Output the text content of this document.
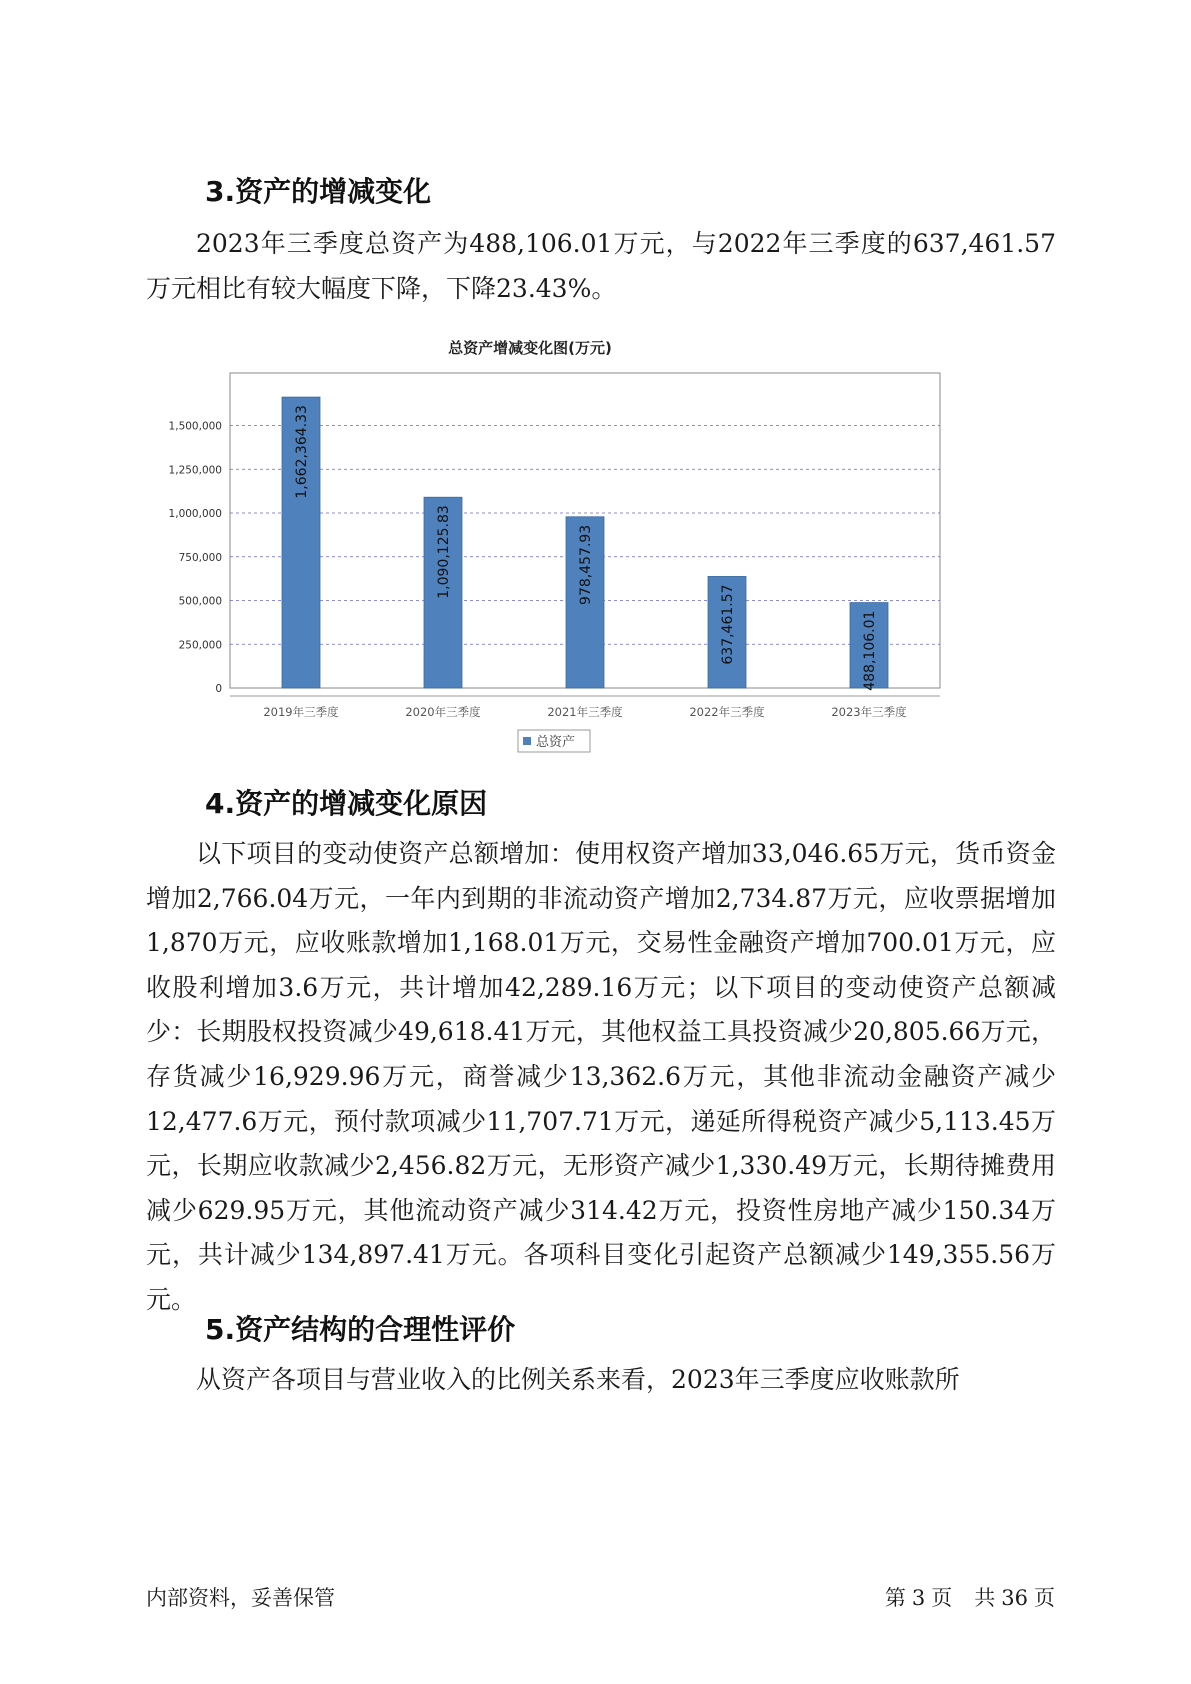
3.资产的增减变化

2023年三季度总资产为488,106.01万元，与2022年三季度的637,461.57万元相比有较大幅度下降，下降23.43%。

总资产增减变化图(万元)
0
250,000
500,000
750,000
1,000,000
1,250,000
1,500,000	1,662,364.33
2019年三季度
1,090,125.83
2020年三季度
978,457.93
2021年三季度
637,461.57
2022年三季度
488,106.01
2023年三季度
总资产
4.资产的增减变化原因

以下项目的变动使资产总额增加：使用权资产增加33,046.65万元，货币资金增加2,766.04万元，一年内到期的非流动资产增加2,734.87万元，应收票据增加1,870万元，应收账款增加1,168.01万元，交易性金融资产增加700.01万元，应收股利增加3.6万元，共计增加42,289.16万元；以下项目的变动使资产总额减少：长期股权投资减少49,618.41万元，其他权益工具投资减少20,805.66万元，存货减少16,929.96万元，商誉减少13,362.6万元，其他非流动金融资产减少12,477.6万元，预付款项减少11,707.71万元，递延所得税资产减少5,113.45万元，长期应收款减少2,456.82万元，无形资产减少1,330.49万元，长期待摊费用减少629.95万元，其他流动资产减少314.42万元，投资性房地产减少150.34万元，共计减少134,897.41万元。各项科目变化引起资产总额减少149,355.56万元。

5.资产结构的合理性评价

从资产各项目与营业收入的比例关系来看，2023年三季度应收账款所

内部资料，妥善保管	第 3 页 共 36 页
